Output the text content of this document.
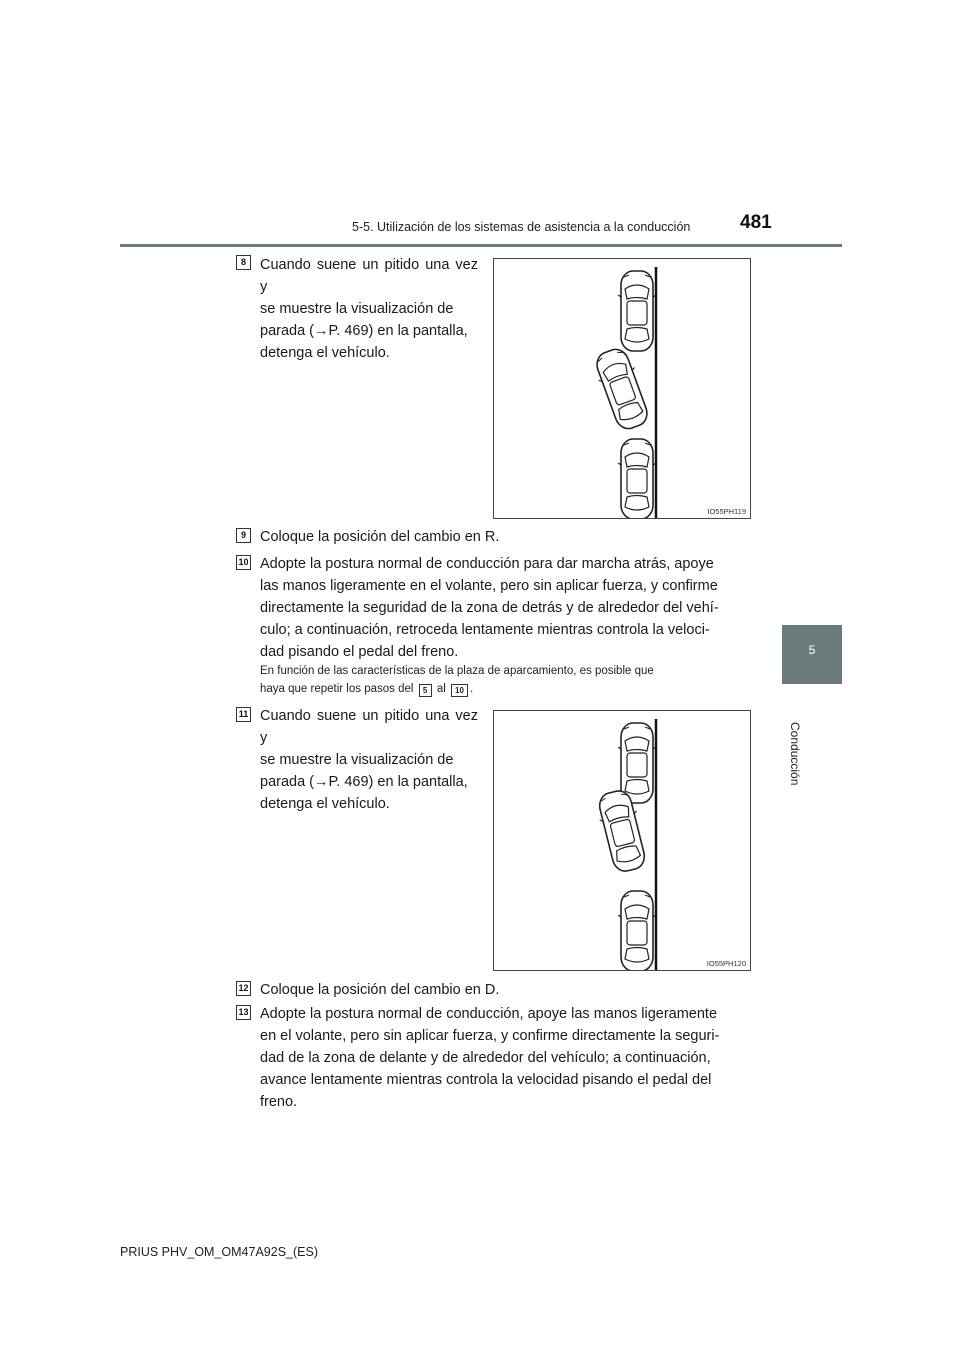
5-5. Utilización de los sistemas de asistencia a la conducción	481
5
Conducción
8 Cuando suene un pitido una vez y
se muestre la visualización de
parada (→P. 469) en la pantalla,
detenga el vehículo.
IO55PH119
9 Coloque la posición del cambio en R.
10 Adopte la postura normal de conducción para dar marcha atrás, apoye
las manos ligeramente en el volante, pero sin aplicar fuerza, y confirme
directamente la seguridad de la zona de detrás y de alrededor del vehí-
culo; a continuación, retroceda lentamente mientras controla la veloci-
dad pisando el pedal del freno.
En función de las características de la plaza de aparcamiento, es posible que
haya que repetir los pasos del 5 al 10 .
11 Cuando suene un pitido una vez y
se muestre la visualización de
parada (→P. 469) en la pantalla,
detenga el vehículo.
IO55PH120
12 Coloque la posición del cambio en D.
13 Adopte la postura normal de conducción, apoye las manos ligeramente
en el volante, pero sin aplicar fuerza, y confirme directamente la seguri-
dad de la zona de delante y de alrededor del vehículo; a continuación,
avance lentamente mientras controla la velocidad pisando el pedal del
freno.
PRIUS PHV_OM_OM47A92S_(ES)
